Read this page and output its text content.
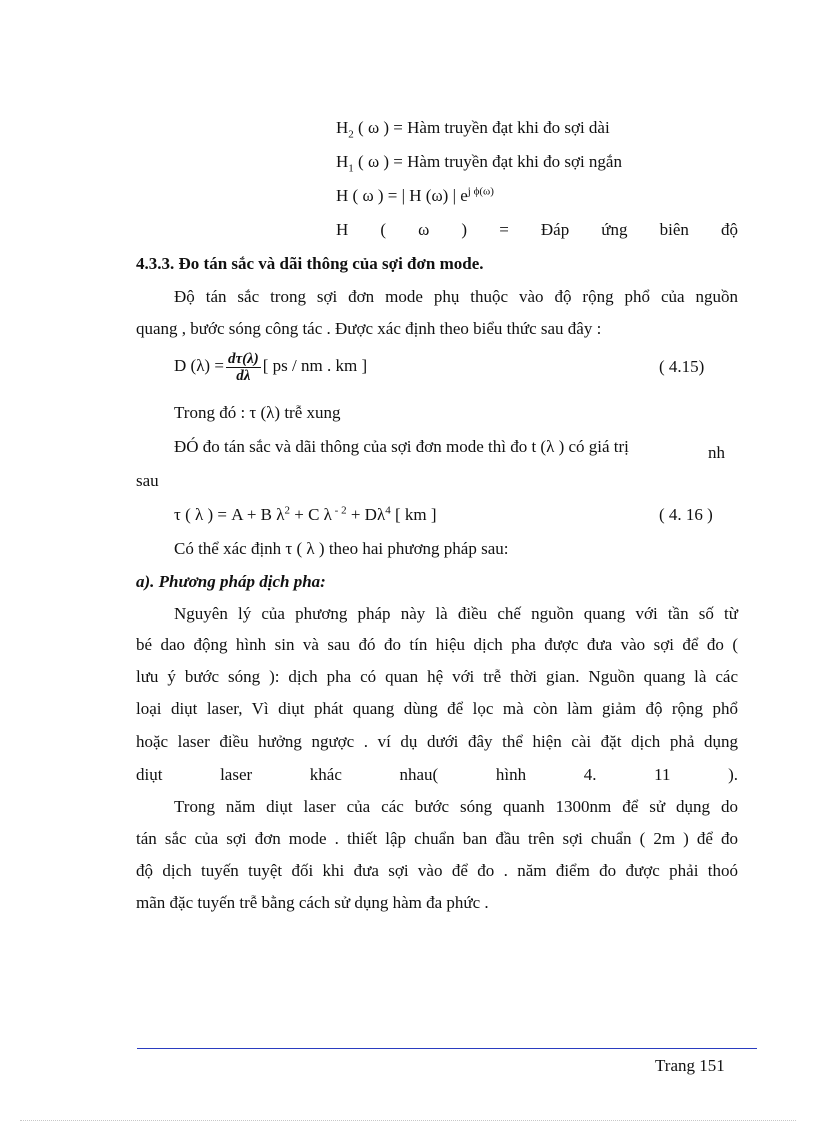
$H_2$ ( ω ) = Hàm truyền đạt khi đo sợi dài
$H_1$ ( ω ) = Hàm truyền đạt khi đo sợi ngắn
H ( ω ) = | H (ω) | $e^{j \phi(\omega)}$
H ( ω ) = Đáp ứng biên độ
4.3.3. Đo tán sắc và dãi thông của sợi đơn mode.
Độ tán sắc trong sợi đơn mode phụ thuộc vào độ rộng phổ của nguồn
quang , bước sóng công tác . Được xác định theo biểu thức sau đây :
D $(\lambda) = \frac{d\tau(\lambda)}{d\lambda}$ [ ps / nm . km ]	( 4.15)
Trong đó : τ (λ) trễ xung
ĐÓ đo tán sắc và dãi thông của sợi đơn mode thì đo t (λ ) có giá trị	nh
sau
τ ( λ ) = A + B $\lambda^2 + C$ λ $^{- 2} + D\lambda^4$ [ km ]	( 4. 16 )
Có thể xác định τ ( λ ) theo hai phương pháp sau:
a). Phương pháp dịch pha:
Nguyên lý của phương pháp này là điều chế nguồn quang với tần số từ
bé dao động hình sin và sau đó đo tín hiệu dịch pha được đưa vào sợi để đo (
lưu ý bước sóng ): dịch pha có quan hệ với trễ thời gian. Nguồn quang là các
loại diụt laser, Vì diụt phát quang dùng để lọc mà còn làm giảm độ rộng phổ
hoặc laser điều hưởng ngược . ví dụ dưới đây thể hiện cài đặt dịch phả dụng
diụt laser khác nhau( hình 4. 11 ).
Trong năm diụt laser của các bước sóng quanh 1300nm để sử dụng do
tán sắc của sợi đơn mode . thiết lập chuẩn ban đầu trên sợi chuẩn ( 2m ) để đo
độ dịch tuyến tuyệt đối khi đưa sợi vào để đo . năm điểm đo được phải thoó
mãn đặc tuyến trễ bằng cách sử dụng hàm đa phức .
Trang 151
